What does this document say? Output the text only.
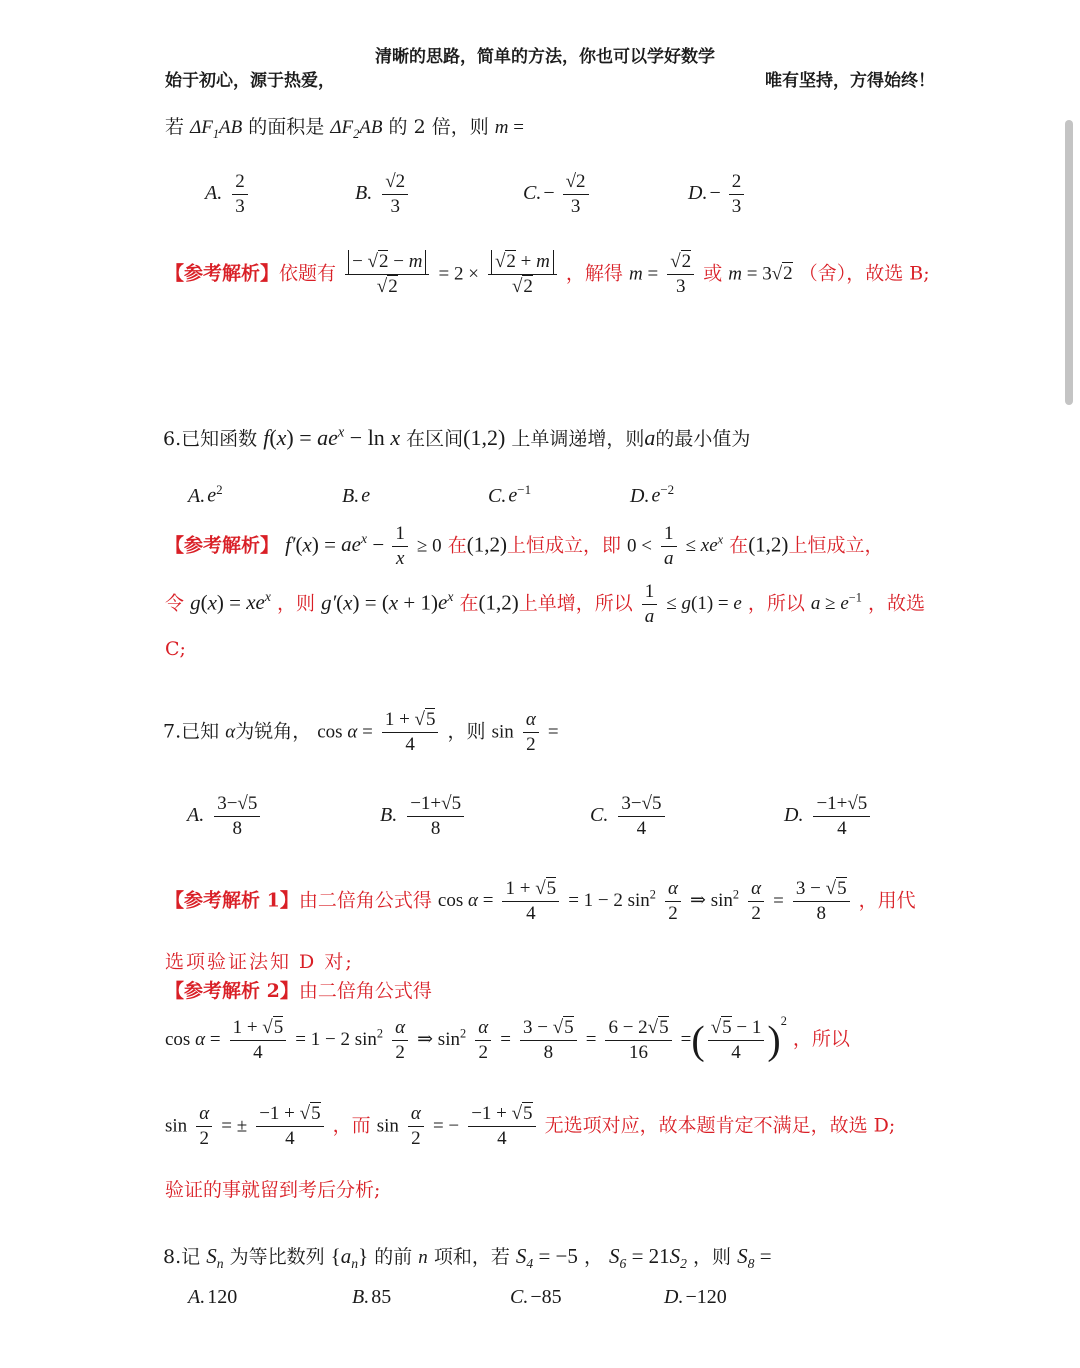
清晰的思路，简单的方法，你也可以学好数学
始于初心，源于热爱，	唯有坚持，方得始终！
若 $\Delta F_1AB$ 的面积是 $\Delta F_2AB$ 的 2 倍，则 m =
A. $\frac{2}{3}$	B. $\frac{√2}{3}$	C. − $\frac{√2}{3}$	D. − $\frac{2}{3}$
【参考解析】依题有 $\frac{- √2 - m}{√2} = 2 \times \frac{√2 + m}{√2}$ ，解得 $m = \frac{√2}{3}$ 或 m = 3√2 （舍），故选 B;
6.已知函数 $f(x) = ae^x - \ln x$ 在区间(1,2) 上单调递增，则a的最小值为
A. $e^2$	B. e	C. $e^{-1}$	D. $e^{-2}$
【参考解析】 $f'(x) = ae^x - \frac{1}{x} \ge 0$ 在(1,2)上恒成立，即 $0 < \frac{1}{a} \le xe^x$ 在(1,2)上恒成立，
令 $g(x) = xe^x$ ，则 $g'(x) = (x + 1)e^x$ 在(1,2)上单增，所以 $\frac{1}{a} \le g(1) = e$ ，所以 $a \ge e^{-1}$ ，故选
C;
7.已知 α为锐角， $\cos \alpha = \frac{1 + √5}{4}$ ，则 $\sin \frac{\alpha}{2}$ =
A. $\frac{3-√5}{8}$	B. $\frac{-1+√5}{8}$	C. $\frac{3-√5}{4}$	D. $\frac{-1+√5}{4}$
【参考解析 1】由二倍角公式得 $\cos \alpha = \frac{1 + √5}{4} = 1 - 2$ $\sin^2 \frac{\alpha}{2}$ ⇒ $\sin^2 \frac{\alpha}{2} = \frac{3 - √5}{8}$ ，用代
选项验证法知 D 对;
【参考解析 2】由二倍角公式得
$\cos \alpha = \frac{1 + √5}{4} = 1 - 2$ $\sin^2 \frac{\alpha}{2}$ ⇒ $\sin^2 \frac{\alpha}{2} = \frac{3 - √5}{8} = \frac{6 - 2√5}{16}$ =( $\frac{√5 - 1}{4} )^2$ ，所以
$\sin \frac{\alpha}{2}$ = ± $\frac{-1 + √5}{4}$ ，而 $\sin \frac{\alpha}{2}$ = − $\frac{-1 + √5}{4}$ 无选项对应，故本题肯定不满足，故选 D;
验证的事就留到考后分析;
8.记 $S_n$ 为等比数列 $\{a_n\}$ 的前 n 项和，若 $S_4 = -5$ ， $S_6 = 21S_2$ ，则 $S_8$ =
A. 120	B. 85	C. −85	D. −120
